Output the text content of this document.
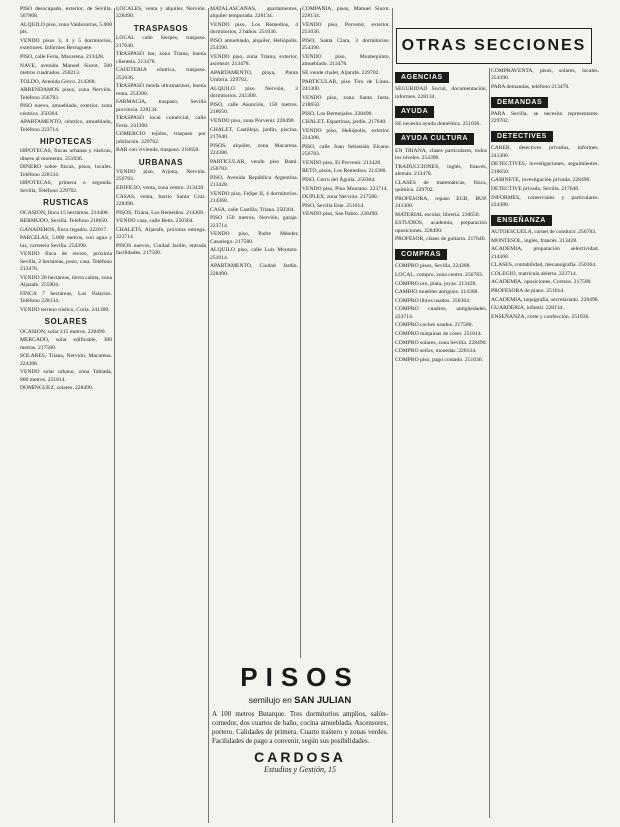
PISO desocupado, exterior, de Sevilla. 507868.

ALQUILO piso, zona Valdezorras, 5.000 pts.

VENDO pisos 3, 4 y 5 dormitorios, exteriores. Informes Berruguete.

PISO, calle Feria, Macarena. 213428.

NAVE, avenida Manuel Siurot, 500 metros cuadrados. 258213.

TOLDO, Avenida Greco. 214368.

ARRENDAMOS pisos, zona Nervión. Teléfono 256783.

PISO nuevo, amueblado, exterior, zona céntrica. 250364.

APARTAMENTO, céntrico, amueblado, Teléfono 223714.

HIPOTECAS

HIPOTECAS, fincas urbanas y rústicas, dinero al momento. 251036.

DINERO sobre fincas, pisos, locales. Teléfono 228134.

HIPOTECAS, primera o segunda. Sevilla, Teléfono 229702.

RUSTICAS

OCASION, finca 15 hectáreas. 214408.

BERMUDO, Sevilla. Teléfono 218650.

GANADEROS, finca regadío. 222017.

PARCELAS, 5.000 metros, con agua y luz, carretera Sevilla. 254390.

VENDO finca de recreo, próxima Sevilla, 2 hectáreas, pozo, casa. Teléfono 213478.

VENDO 20 hectáreas, tierra calma, zona Aljarafe. 255904.

FINCA 7 hectáreas, Los Palacios. Teléfono 228134.

VENDO terreno rústico, Coria. 241300.

SOLARES

OCASION, solar 215 metros. 228490.

MERCADO, solar edificable, 300 metros. 217580.

SOLARES, Triana, Nervión, Macarena. 224388.

VENDO solar urbano, zona Tablada, 800 metros. 251014.

DOMINGUEZ, solares. 228490.

LOCALES, venta y alquiler, Nervión. 228490.

TRASPASOS

LOCAL calle Sierpes, traspaso. 217640.

TRASPASO bar, zona Triana, buena clientela. 213478.

CAFETERIA céntrica, traspaso. 251036.

TRASPASO tienda ultramarinos, buena renta. 254390.

FARMACIA, traspaso, Sevilla provincia. 228134.

TRASPASO local comercial, calle Feria. 241300.

COMERCIO tejidos, traspaso por jubilación. 229702.

BAR con vivienda, traspaso. 218650.

URBANAS

VENDO piso, Arjona, Nervión. 256783.

EDIFICIO, venta, zona centro. 213428.

CASAS, venta, barrio Santa Cruz. 228490.

PISOS, Triana, Los Remedios. 214368.

VENDO casa, calle Betis. 250364.

CHALETS, Aljarafe, próxima entrega. 223714.

PISOS nuevos, Ciudad Jardín, entrada facilidades. 217580.

MATALASCAÑAS, apartamentos, alquiler temporada. 228134.

VENDO piso, Los Remedios, 4 dormitorios, 2 baños. 251036.

PISO amueblado, alquiler, Heliópolis. 254390.

VENDO piso, zona Triana, exterior, ascensor. 213478.

APARTAMENTO, playa, Punta Umbría. 229702.

ALQUILO piso Nervión, 3 dormitorios. 241300.

PISO, calle Asunción, 150 metros. 218650.

VENDO piso, zona Porvenir. 228490.

CHALET, Castilleja, jardín, piscina. 217640.

PISOS, alquiler, zona Macarena. 224388.

PARTICULAR, vendo piso Bami. 256783.

PISO, Avenida República Argentina. 213428.

VENDO piso, Felipe II, 4 dormitorios. 214368.

CASA, calle Castilla, Triana. 250364.

PISO 150 metros, Nervión, garaje. 223714.

VENDO piso, Padre Méndez Casariego. 217580.

ALQUILO piso, calle Luis Montoto. 251014.

APARTAMENTO, Ciudad Jardín. 228490.

COMPAÑIA, pisos, Manuel Siurot. 228134.

VENDO piso, Porvenir, exterior. 251036.

PISO, Santa Clara, 3 dormitorios. 254390.

VENDO piso, Montequinto, amueblado. 213478.

SE vende chalet, Aljarafe. 229702.

PARTICULAR, piso Tiro de Línea. 241300.

VENDO piso, zona Santa Justa. 218650.

PISO, Los Bermejales. 228490.

CHALET, Espartinas, jardín. 217640.

VENDO piso, Heliópolis, exterior. 224388.

PISO, calle Juan Sebastián Elcano. 256783.

VENDO piso, El Porvenir. 213428.

RETO, pisos, Los Remedios. 214368.

PISO, Cerro del Águila. 250364.

VENDO piso, Pino Montano. 223714.

DUPLEX, zona Nervión. 217580.

PISO, Sevilla Este. 251014.

VENDO piso, San Pablo. 228490.

AGENCIAS

SEGURIDAD Social, documentación, informes. 228134.

AYUDA

SE necesita ayuda doméstica. 251036.

AYUDA CULTURA

EN TRIANA, clases particulares, todos los niveles. 254390.

TRADUCCIONES, inglés, francés, alemán. 213478.

CLASES de matemáticas, física, química. 229702.

PROFESORA, repaso EGB, BUP. 241300.

MATERIAL escolar, librería. 218650.

ESTUDIOS, academia, preparación oposiciones. 228490.

PROFESOR, clases de guitarra. 217640.

COMPRAS

COMPRO pisos, Sevilla. 224388.

LOCAL, compro, zona centro. 256783.

COMPRO oro, plata, joyas. 213428.

CAMBIO muebles antiguos. 214368.

COMPRO libros usados. 250364.

COMPRO cuadros, antigüedades. 223714.

COMPRO coches usados. 217580.

COMPRO máquinas de coser. 251014.

COMPRO solares, zona Sevilla. 228490.

COMPRO sellos, monedas. 228134.

COMPRO piso, pago contado. 251036.

COMPRAVENTA, pisos, solares, locales. 254390.

PARA demandas, teléfono 213478.

DEMANDAS

PARA Sevilla, se necesita representante. 229702.

DETECTIVES

CABER, detectives privados, informes. 241300.

DETECTIVES, investigaciones, seguimientos. 218650.

GABINETE, investigación privada. 228490.

DETECTIVE privado, Sevilla. 217640.

INFORMES, comerciales y particulares. 224388.

ENSEÑANZA

AUTOESCUELA, carnet de conducir. 256783.

MONTESOL, inglés, francés. 213428.

ACADEMIA, preparación selectividad. 214368.

CLASES, contabilidad, mecanografía. 250364.

COLEGIO, matrícula abierta. 223714.

ACADEMIA, oposiciones, Correos. 217580.

PROFESORA de piano. 251014.

ACADEMIA, taquigrafía, secretariado. 228490.

GUARDERIA, infantil. 228134.

ENSEÑANZA, corte y confección. 251036.

OTRAS SECCIONES
PISOS
semilujo en SAN JULIAN
A 100 metros Butarque. Tres dormitorios amplios, salón-comedor, dos cuartos de baño, cocina amueblada. Ascensores, portero. Calidades de primera. Cuarto trastero y zonas verdes. Facilidades de pago a convenir, según sus posibilidades.
CARDOSA
Estudios y Gestión, 15
